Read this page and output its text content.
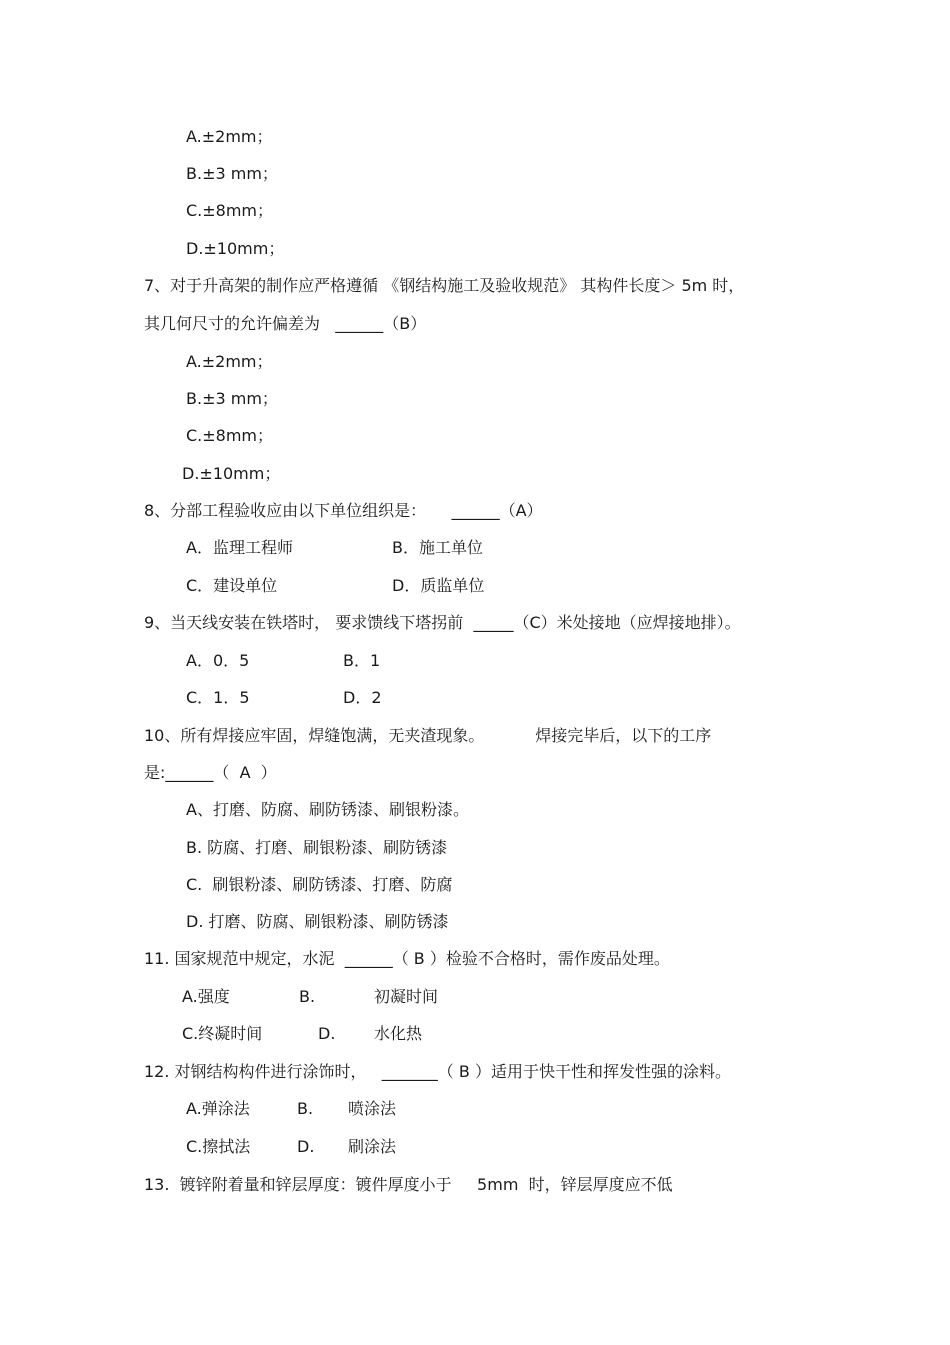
A.±2mm；
B.±3 mm；
C.±8mm；
D.±10mm；
7、对于升高架的制作应严格遵循 《钢结构施工及验收规范》 其构件长度＞ 5m 时，
其几何尺寸的允许偏差为   ______（B）
A.±2mm；
B.±3 mm；
C.±8mm；
D.±10mm；
8、分部工程验收应由以下单位组织是：     ______（A）
A．监理工程师	B．施工单位
C．建设单位	D．质监单位
9、当天线安装在铁塔时， 要求馈线下塔拐前  _____（C）米处接地（应焊接地排）。
A．0．5	B．1
C．1．5	D．2
10、所有焊接应牢固，焊缝饱满，无夹渣现象。          焊接完毕后，以下的工序
是:______（  A  ）
A、打磨、防腐、刷防锈漆、刷银粉漆。
B. 防腐、打磨、刷银粉漆、刷防锈漆
C.  刷银粉漆、刷防锈漆、打磨、防腐
D. 打磨、防腐、刷银粉漆、刷防锈漆
11. 国家规范中规定，水泥  ______（ B ）检验不合格时，需作废品处理。
A.强度	B.	初凝时间
C.终凝时间	D. 水化热
12. 对钢结构构件进行涂饰时，   _______（ B ）适用于快干性和挥发性强的涂料。
A.弹涂法	B. 喷涂法
C.擦拭法	D. 刷涂法
13.  镀锌附着量和锌层厚度：镀件厚度小于     5mm  时，锌层厚度应不低
